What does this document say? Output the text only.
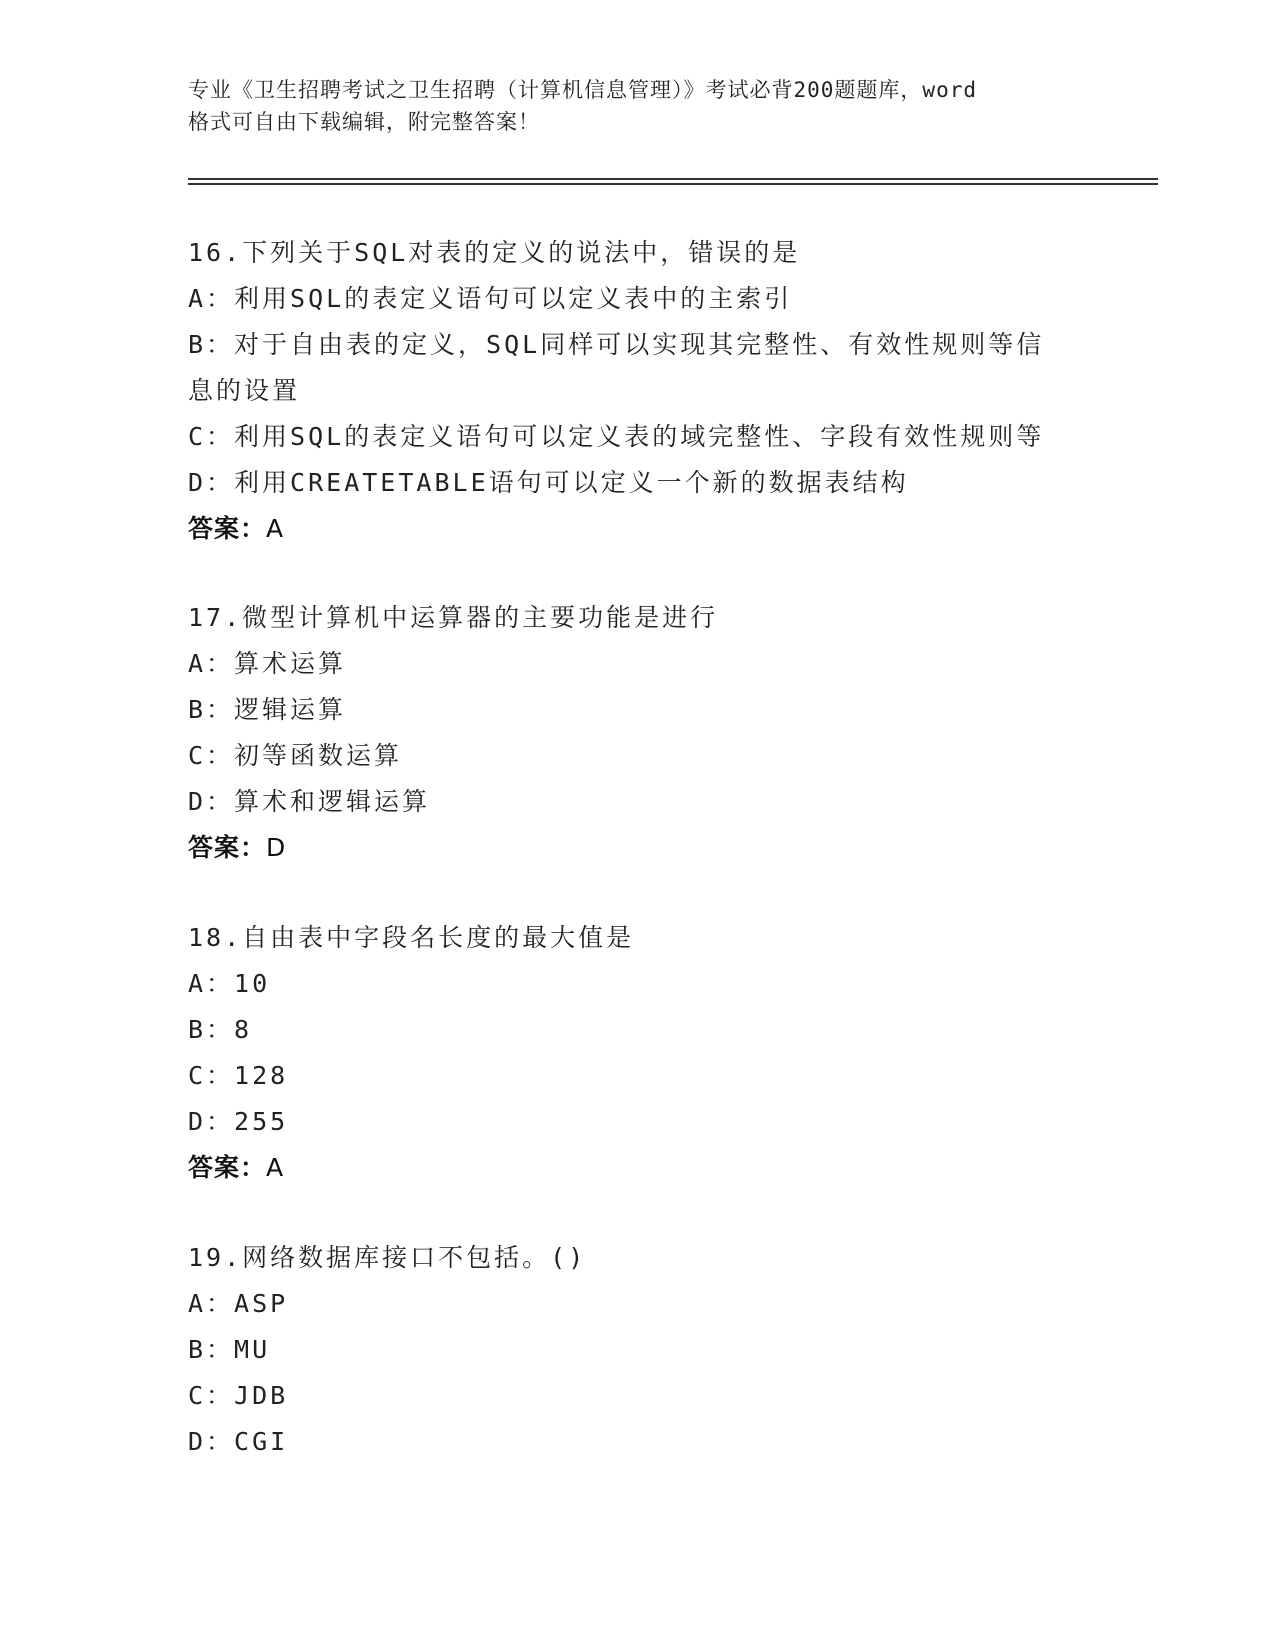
专业《卫生招聘考试之卫生招聘（计算机信息管理）》考试必背200题题库，word
格式可自由下载编辑，附完整答案！
16.下列关于SQL对表的定义的说法中，错误的是
A：利用SQL的表定义语句可以定义表中的主索引
B：对于自由表的定义，SQL同样可以实现其完整性、有效性规则等信息的设置
C：利用SQL的表定义语句可以定义表的域完整性、字段有效性规则等
D：利用CREATETABLE语句可以定义一个新的数据表结构
答案：A
17.微型计算机中运算器的主要功能是进行
A：算术运算
B：逻辑运算
C：初等函数运算
D：算术和逻辑运算
答案：D
18.自由表中字段名长度的最大值是
A：10
B：8
C：128
D：255
答案：A
19.网络数据库接口不包括。()
A：ASP
B：MU
C：JDB
D：CGI
